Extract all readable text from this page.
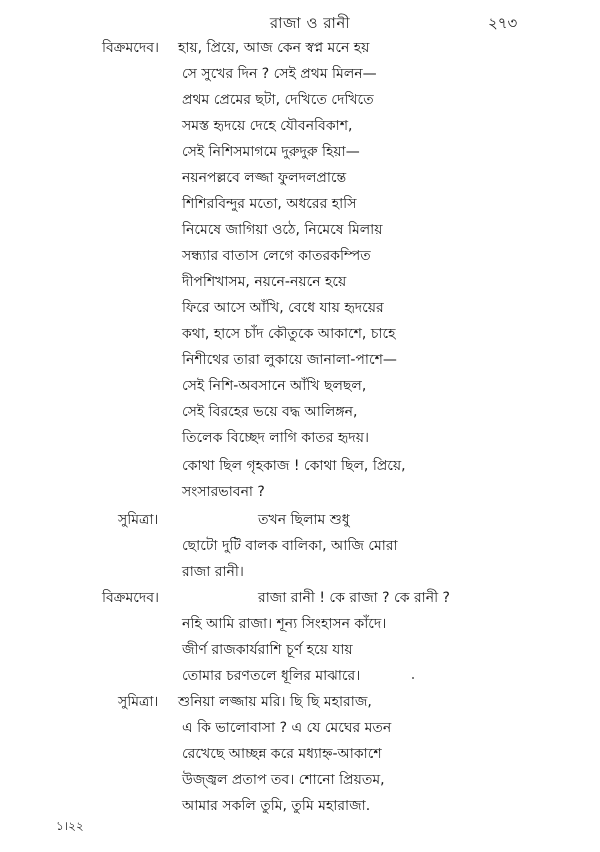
রাজা ও রানী	২৭৩
বিক্রমদেব।
সুমিত্রা।
বিক্রমদেব।
সুমিত্রা।
হায়, প্রিয়ে, আজ কেন স্বপ্ন মনে হয়
সে সুখের দিন ? সেই প্রথম মিলন—
প্রথম প্রেমের ছটা, দেখিতে দেখিতে
সমস্ত হৃদয়ে দেহে যৌবনবিকাশ,
সেই নিশিসমাগমে দুরুদুরু হিয়া—
নয়নপল্লবে লজ্জা ফুলদলপ্রান্তে
শিশিরবিন্দুর মতো, অধরের হাসি
নিমেষে জাগিয়া ওঠে, নিমেষে মিলায়
সন্ধ্যার বাতাস লেগে কাতরকম্পিত
দীপশিখাসম, নয়নে-নয়নে হয়ে
ফিরে আসে আঁখি, বেধে যায় হৃদয়ের
কথা, হাসে চাঁদ কৌতুকে আকাশে, চাহে
নিশীথের তারা লুকায়ে জানালা-পাশে—
সেই নিশি-অবসানে আঁখি ছলছল,
সেই বিরহের ভয়ে বদ্ধ আলিঙ্গন,
তিলেক বিচ্ছেদ লাগি কাতর হৃদয়।
কোথা ছিল গৃহকাজ ! কোথা ছিল, প্রিয়ে,
সংসারভাবনা ?
তখন ছিলাম শুধু
ছোটো দুটি বালক বালিকা, আজি মোরা
রাজা রানী।
রাজা রানী ! কে রাজা ? কে রানী ?
নহি আমি রাজা। শূন্য সিংহাসন কাঁদে।
জীর্ণ রাজকার্যরাশি চূর্ণ হয়ে যায়
তোমার চরণতলে ধূলির মাঝারে।
শুনিয়া লজ্জায় মরি। ছি ছি মহারাজ,
এ কি ভালোবাসা ? এ যে মেঘের মতন
রেখেছে আচ্ছন্ন করে মধ্যাহ্ন-আকাশে
উজ্জ্বল প্রতাপ তব। শোনো প্রিয়তম,
আমার সকলি তুমি, তুমি মহারাজা.
১।২২
